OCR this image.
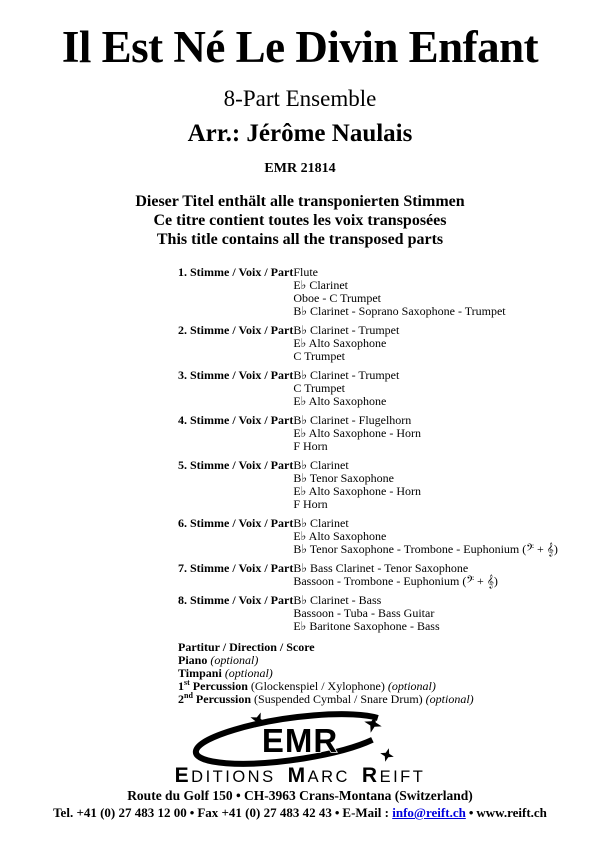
Il Est Né Le Divin Enfant
8-Part Ensemble
Arr.: Jérôme Naulais
EMR 21814
Dieser Titel enthält alle transponierten Stimmen
Ce titre contient toutes les voix transposées
This title contains all the transposed parts
1. Stimme / Voix / Part Flute
E♭ Clarinet
Oboe - C Trumpet
B♭ Clarinet - Soprano Saxophone - Trumpet
2. Stimme / Voix / Part B♭ Clarinet - Trumpet
E♭ Alto Saxophone
C Trumpet
3. Stimme / Voix / Part B♭ Clarinet - Trumpet
C Trumpet
E♭ Alto Saxophone
4. Stimme / Voix / Part B♭ Clarinet - Flugelhorn
E♭ Alto Saxophone - Horn
F Horn
5. Stimme / Voix / Part B♭ Clarinet
B♭ Tenor Saxophone
E♭ Alto Saxophone - Horn
F Horn
6. Stimme / Voix / Part B♭ Clarinet
E♭ Alto Saxophone
B♭ Tenor Saxophone - Trombone - Euphonium (𝄢 + 𝄞)
7. Stimme / Voix / Part B♭ Bass Clarinet - Tenor Saxophone
Bassoon - Trombone - Euphonium (𝄢 + 𝄞)
8. Stimme / Voix / Part B♭ Clarinet - Bass
Bassoon - Tuba - Bass Guitar
E♭ Baritone Saxophone - Bass
Partitur / Direction / Score
Piano (optional)
Timpani (optional)
1st Percussion (Glockenspiel / Xylophone) (optional)
2nd Percussion (Suspended Cymbal / Snare Drum) (optional)
EMR
EDITIONS MARC REIFT
Route du Golf 150 • CH-3963 Crans-Montana (Switzerland)
Tel. +41 (0) 27 483 12 00 • Fax +41 (0) 27 483 42 43 • E-Mail : info@reift.ch • www.reift.ch
